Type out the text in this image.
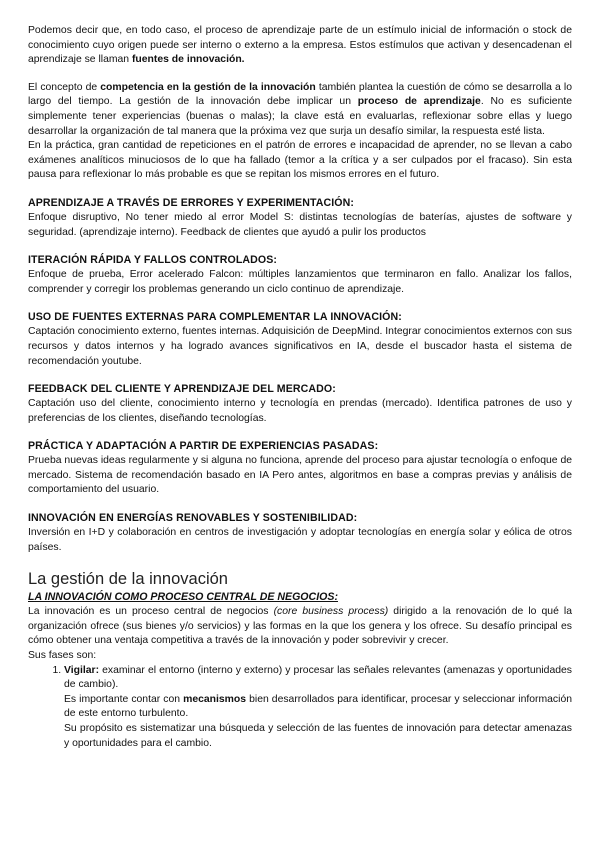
Podemos decir que, en todo caso, el proceso de aprendizaje parte de un estímulo inicial de información o stock de conocimiento cuyo origen puede ser interno o externo a la empresa. Estos estímulos que activan y desencadenan el aprendizaje se llaman fuentes de innovación.

El concepto de competencia en la gestión de la innovación también plantea la cuestión de cómo se desarrolla a lo largo del tiempo. La gestión de la innovación debe implicar un proceso de aprendizaje. No es suficiente simplemente tener experiencias (buenas o malas); la clave está en evaluarlas, reflexionar sobre ellas y luego desarrollar la organización de tal manera que la próxima vez que surja un desafío similar, la respuesta esté lista.

En la práctica, gran cantidad de repeticiones en el patrón de errores e incapacidad de aprender, no se llevan a cabo exámenes analíticos minuciosos de lo que ha fallado (temor a la crítica y a ser culpados por el fracaso). Sin esta pausa para reflexionar lo más probable es que se repitan los mismos errores en el futuro.

APRENDIZAJE A TRAVÉS DE ERRORES Y EXPERIMENTACIÓN:

Enfoque disruptivo, No tener miedo al error Model S: distintas tecnologías de baterías, ajustes de software y seguridad. (aprendizaje interno). Feedback de clientes que ayudó a pulir los productos

ITERACIÓN RÁPIDA Y FALLOS CONTROLADOS:

Enfoque de prueba, Error acelerado Falcon: múltiples lanzamientos que terminaron en fallo. Analizar los fallos, comprender y corregir los problemas generando un ciclo continuo de aprendizaje.

USO DE FUENTES EXTERNAS PARA COMPLEMENTAR LA INNOVACIÓN:

Captación conocimiento externo, fuentes internas. Adquisición de DeepMind. Integrar conocimientos externos con sus recursos y datos internos y ha logrado avances significativos en IA, desde el buscador hasta el sistema de recomendación youtube.

FEEDBACK DEL CLIENTE Y APRENDIZAJE DEL MERCADO:

Captación uso del cliente, conocimiento interno y tecnología en prendas (mercado). Identifica patrones de uso y preferencias de los clientes, diseñando tecnologías.

PRÁCTICA Y ADAPTACIÓN A PARTIR DE EXPERIENCIAS PASADAS:

Prueba nuevas ideas regularmente y si alguna no funciona, aprende del proceso para ajustar tecnología o enfoque de mercado. Sistema de recomendación basado en IA Pero antes, algoritmos en base a compras previas y análisis de comportamiento del usuario.

INNOVACIÓN EN ENERGÍAS RENOVABLES Y SOSTENIBILIDAD:

Inversión en I+D y colaboración en centros de investigación y adoptar tecnologías en energía solar y eólica de otros países.

La gestión de la innovación
LA INNOVACIÓN COMO PROCESO CENTRAL DE NEGOCIOS:

La innovación es un proceso central de negocios (core business process) dirigido a la renovación de lo qué la organización ofrece (sus bienes y/o servicios) y las formas en la que los genera y los ofrece. Su desafío principal es cómo obtener una ventaja competitiva a través de la innovación y poder sobrevivir y crecer.

Sus fases son:

1. Vigilar: examinar el entorno (interno y externo) y procesar las señales relevantes (amenazas y oportunidades de cambio).
Es importante contar con mecanismos bien desarrollados para identificar, procesar y seleccionar información de este entorno turbulento.
Su propósito es sistematizar una búsqueda y selección de las fuentes de innovación para detectar amenazas y oportunidades para el cambio.
